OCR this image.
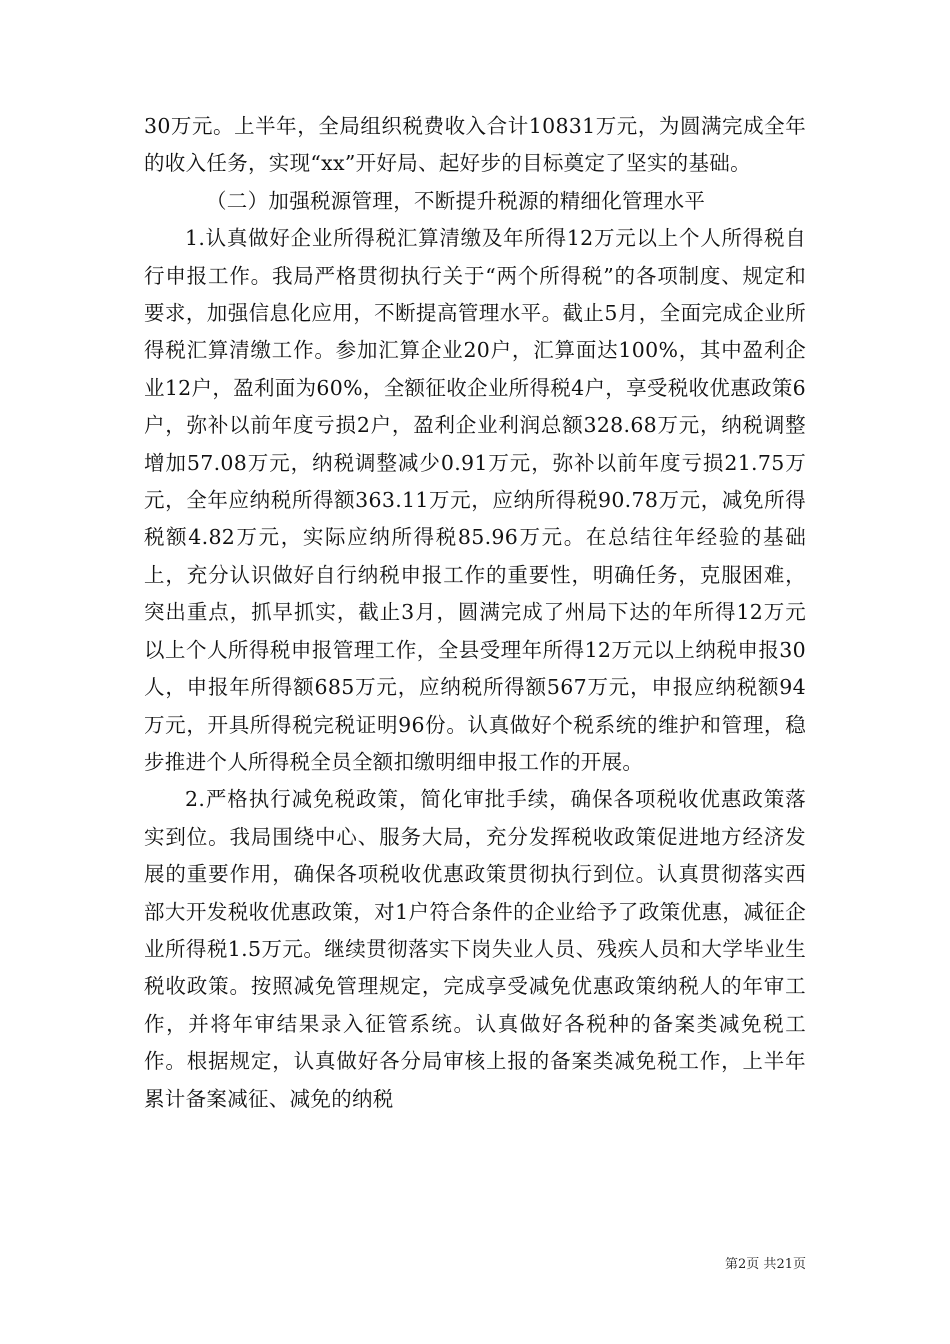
30万元。上半年，全局组织税费收入合计10831万元，为圆满完成全年的收入任务，实现“xx”开好局、起好步的目标奠定了坚实的基础。

（二）加强税源管理，不断提升税源的精细化管理水平

1.认真做好企业所得税汇算清缴及年所得12万元以上个人所得税自行申报工作。我局严格贯彻执行关于“两个所得税”的各项制度、规定和要求，加强信息化应用，不断提高管理水平。截止5月，全面完成企业所得税汇算清缴工作。参加汇算企业20户，汇算面达100%，其中盈利企业12户，盈利面为60%，全额征收企业所得税4户，享受税收优惠政策6户，弥补以前年度亏损2户，盈利企业利润总额328.68万元，纳税调整增加57.08万元，纳税调整减少0.91万元，弥补以前年度亏损21.75万元，全年应纳税所得额363.11万元，应纳所得税90.78万元，减免所得税额4.82万元，实际应纳所得税85.96万元。在总结往年经验的基础上，充分认识做好自行纳税申报工作的重要性，明确任务，克服困难，突出重点，抓早抓实，截止3月，圆满完成了州局下达的年所得12万元以上个人所得税申报管理工作，全县受理年所得12万元以上纳税申报30人，申报年所得额685万元，应纳税所得额567万元，申报应纳税额94万元，开具所得税完税证明96份。认真做好个税系统的维护和管理，稳步推进个人所得税全员全额扣缴明细申报工作的开展。

2.严格执行减免税政策，简化审批手续，确保各项税收优惠政策落实到位。我局围绕中心、服务大局，充分发挥税收政策促进地方经济发展的重要作用，确保各项税收优惠政策贯彻执行到位。认真贯彻落实西部大开发税收优惠政策，对1户符合条件的企业给予了政策优惠，减征企业所得税1.5万元。继续贯彻落实下岗失业人员、残疾人员和大学毕业生税收政策。按照减免管理规定，完成享受减免优惠政策纳税人的年审工作，并将年审结果录入征管系统。认真做好各税种的备案类减免税工作。根据规定，认真做好各分局审核上报的备案类减免税工作，上半年累计备案减征、减免的纳税

第2页 共21页
